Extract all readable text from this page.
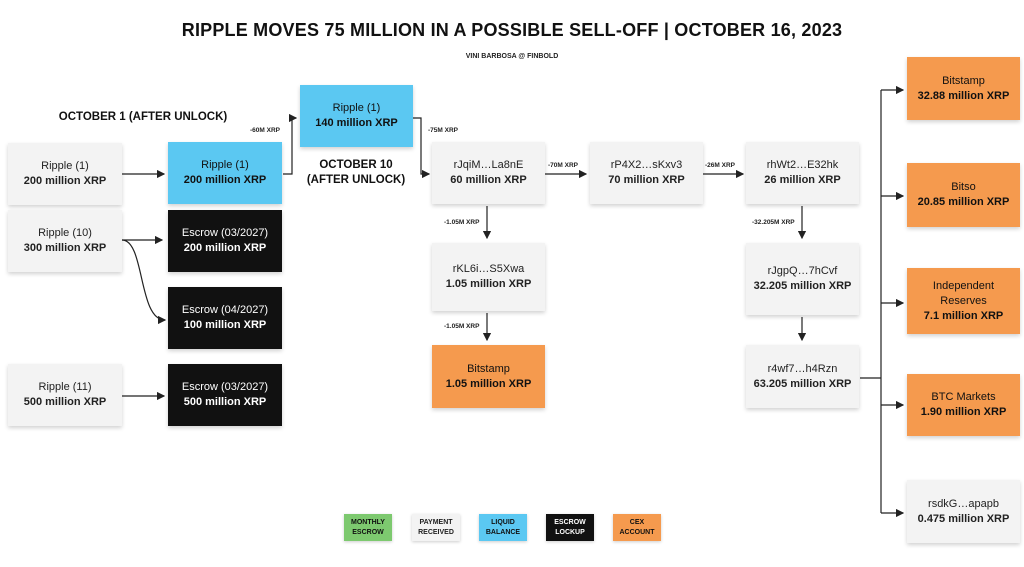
RIPPLE MOVES 75 MILLION IN A POSSIBLE SELL-OFF | OCTOBER 16, 2023
VINI BARBOSA @ FINBOLD
OCTOBER 1 (AFTER UNLOCK)
OCTOBER 10
(AFTER UNLOCK)
-60M XRP	-75M XRP
-70M XRP	-26M XRP
-1.05M XRP
-1.05M XRP
-32.205M XRP
Ripple (1)
200 million XRP
Ripple (10)
300 million XRP
Ripple (11)
500 million XRP
Ripple (1)
200 million XRP
Escrow (03/2027)
200 million XRP
Escrow (04/2027)
100 million XRP
Escrow (03/2027)
500 million XRP
Ripple (1)
140 million XRP
rJqiM…La8nE
60 million XRP
rP4X2…sKxv3
70 million XRP
rhWt2…E32hk
26 million XRP
rKL6i…S5Xwa
1.05 million XRP
Bitstamp
1.05 million XRP
rJgpQ…7hCvf
32.205 million XRP
r4wf7…h4Rzn
63.205 million XRP
Bitstamp
32.88 million XRP
Bitso
20.85 million XRP
Independent Reserves
7.1 million XRP
BTC Markets
1.90 million XRP
rsdkG…apapb
0.475 million XRP
MONTHLY ESCROW
PAYMENT RECEIVED
LIQUID BALANCE
ESCROW LOCKUP
CEX ACCOUNT
